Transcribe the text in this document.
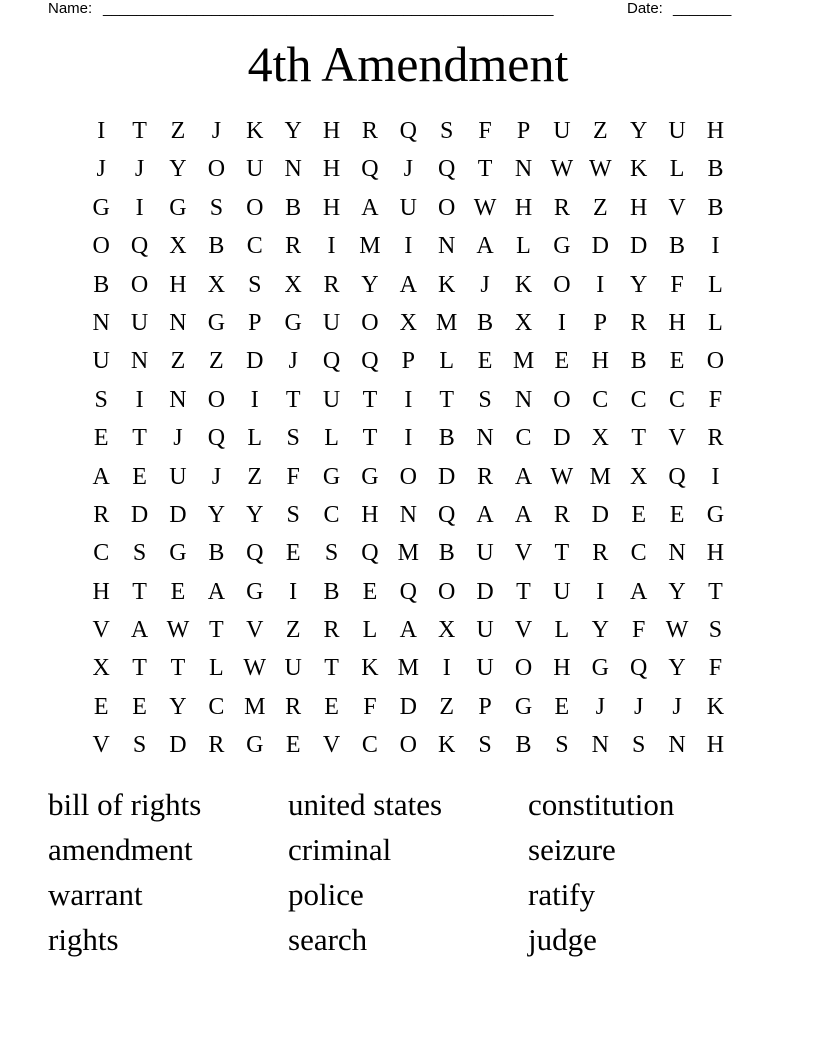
Name: ______________________________________________________	Date: _______
4th Amendment
I	T Z	J	K Y H R Q S	F	P U Z Y U H
J	J	Y O U N H Q	J	Q T N W W K L B
G	I	G S O B H A U O W H R Z H V B
O Q X B C R	I M I	N A L G D D B	I
B O H X S X R Y A K	J	K O	I	Y F	L
N U N G P G U O X M B X	I	P R H L
U N Z Z D	J	Q Q P	L E M E H B E O
S	I	N O	I	T U T	I	T	S N O C C C F
E T	J	Q L	S	L T	I	B N C D X T V R
A E U	J	Z	F G G O D R A W M X Q	I
R D D Y Y S C H N Q A A R D E E G
C S G B Q E	S Q M B U V T R C N H
H T E A G	I	B E Q O D T U	I	A Y T
V A W T V Z R L A X U V L Y F W S
X T T L W U T K M I	U O H G Q Y F
E E Y C M R E	F D Z	P G E	J	J	J	K
V S D R G E V C O K S B S N S N H
bill of rights	united states	constitution
amendment	criminal	seizure
warrant	police	ratify
rights	search	judge
